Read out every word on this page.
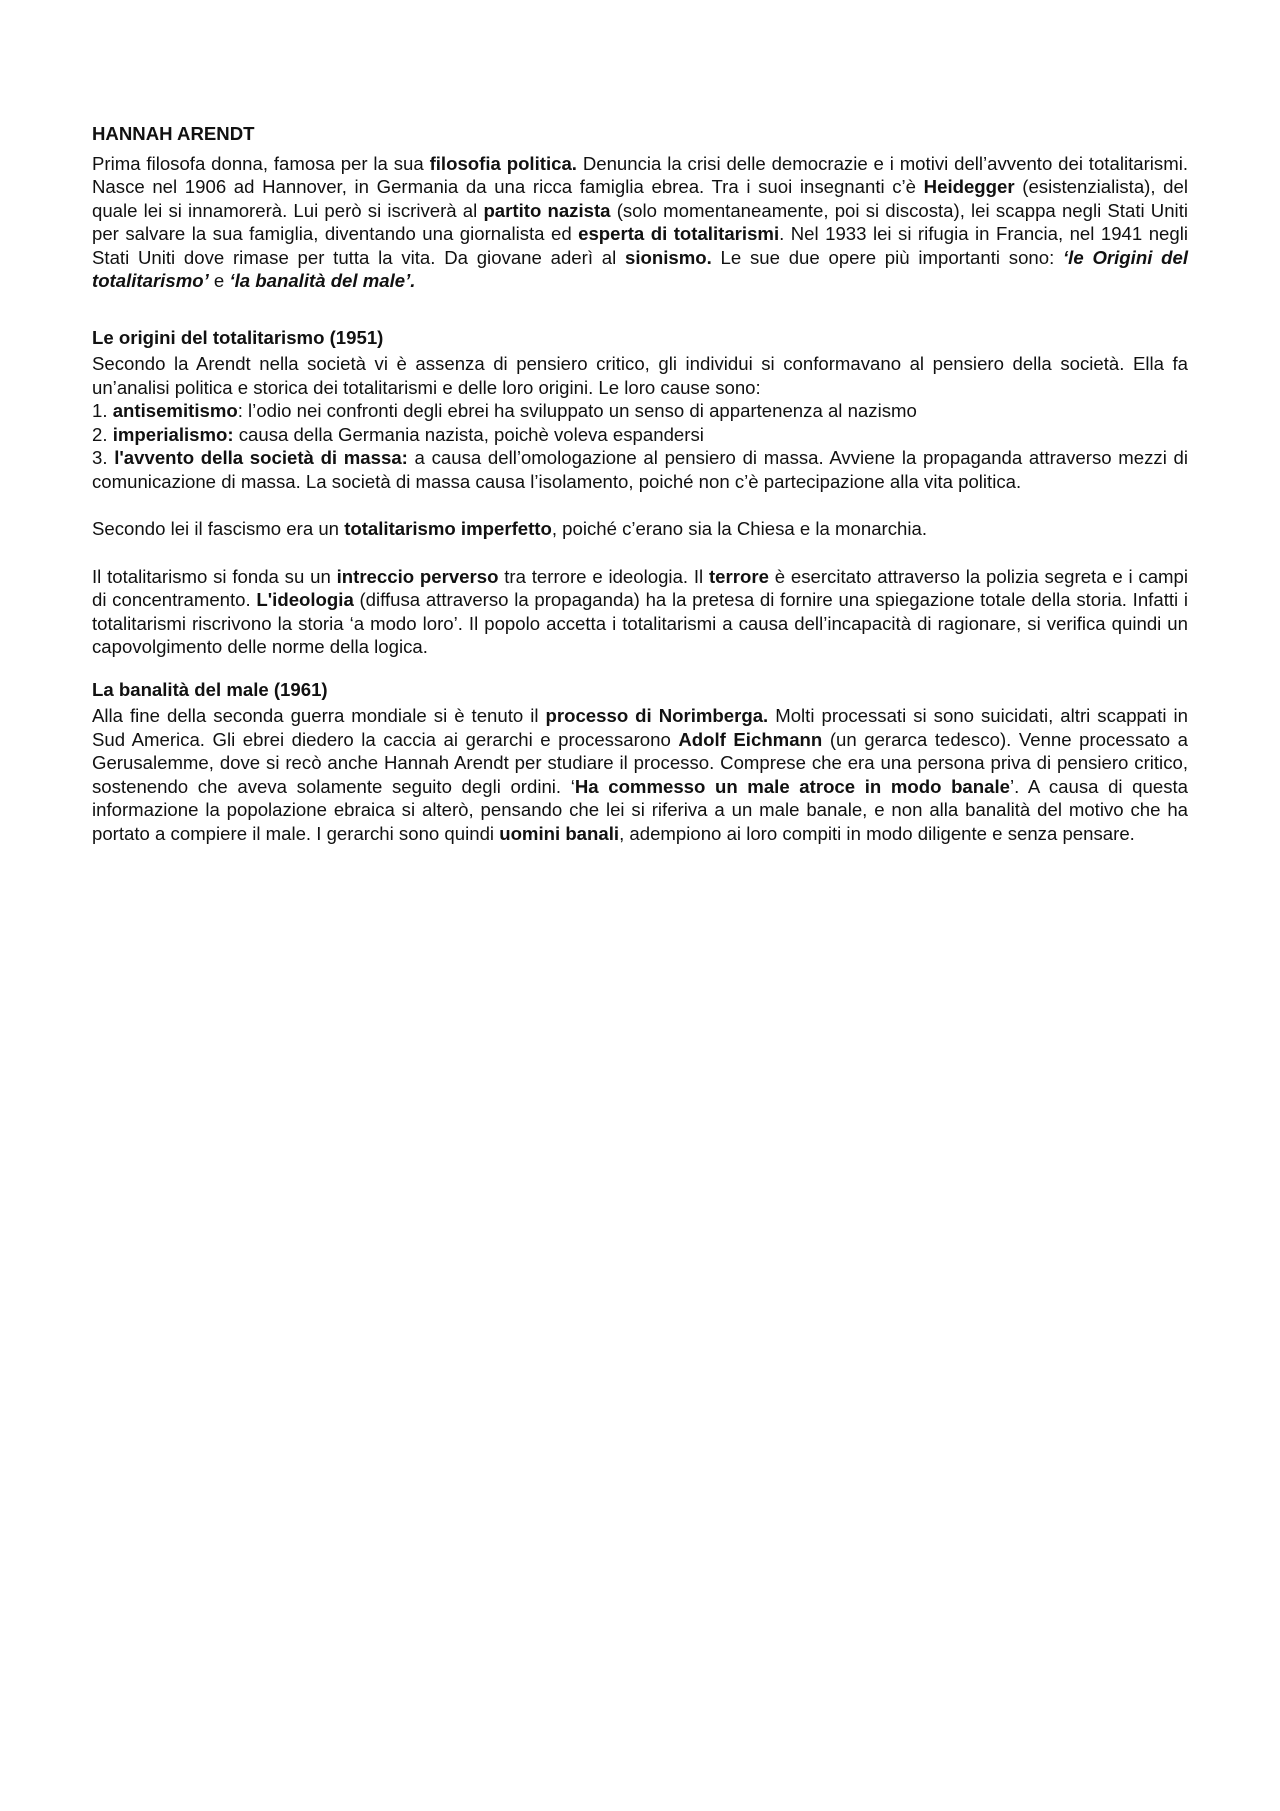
HANNAH ARENDT

Prima filosofa donna, famosa per la sua filosofia politica. Denuncia la crisi delle democrazie e i motivi dell’avvento dei totalitarismi. Nasce nel 1906 ad Hannover, in Germania da una ricca famiglia ebrea. Tra i suoi insegnanti c’è Heidegger (esistenzialista), del quale lei si innamorerà. Lui però si iscriverà al partito nazista (solo momentaneamente, poi si discosta), lei scappa negli Stati Uniti per salvare la sua famiglia, diventando una giornalista ed esperta di totalitarismi. Nel 1933 lei si rifugia in Francia, nel 1941 negli Stati Uniti dove rimase per tutta la vita. Da giovane aderì al sionismo. Le sue due opere più importanti sono: ‘le Origini del totalitarismo’ e ‘la banalità del male’.

Le origini del totalitarismo (1951)

Secondo la Arendt nella società vi è assenza di pensiero critico, gli individui si conformavano al pensiero della società. Ella fa un’analisi politica e storica dei totalitarismi e delle loro origini. Le loro cause sono:

1. antisemitismo: l’odio nei confronti degli ebrei ha sviluppato un senso di appartenenza al nazismo

2. imperialismo: causa della Germania nazista, poichè voleva espandersi

3. l'avvento della società di massa: a causa dell’omologazione al pensiero di massa. Avviene la propaganda attraverso mezzi di comunicazione di massa. La società di massa causa l’isolamento, poiché non c’è partecipazione alla vita politica.

Secondo lei il fascismo era un totalitarismo imperfetto, poiché c’erano sia la Chiesa e la monarchia.

Il totalitarismo si fonda su un intreccio perverso tra terrore e ideologia. Il terrore è esercitato attraverso la polizia segreta e i campi di concentramento. L'ideologia (diffusa attraverso la propaganda) ha la pretesa di fornire una spiegazione totale della storia. Infatti i totalitarismi riscrivono la storia ‘a modo loro’. Il popolo accetta i totalitarismi a causa dell’incapacità di ragionare, si verifica quindi un capovolgimento delle norme della logica.

La banalità del male (1961)

Alla fine della seconda guerra mondiale si è tenuto il processo di Norimberga. Molti processati si sono suicidati, altri scappati in Sud America. Gli ebrei diedero la caccia ai gerarchi e processarono Adolf Eichmann (un gerarca tedesco). Venne processato a Gerusalemme, dove si recò anche Hannah Arendt per studiare il processo. Comprese che era una persona priva di pensiero critico, sostenendo che aveva solamente seguito degli ordini. ‘Ha commesso un male atroce in modo banale’. A causa di questa informazione la popolazione ebraica si alterò, pensando che lei si riferiva a un male banale, e non alla banalità del motivo che ha portato a compiere il male. I gerarchi sono quindi uomini banali, adempiono ai loro compiti in modo diligente e senza pensare.
